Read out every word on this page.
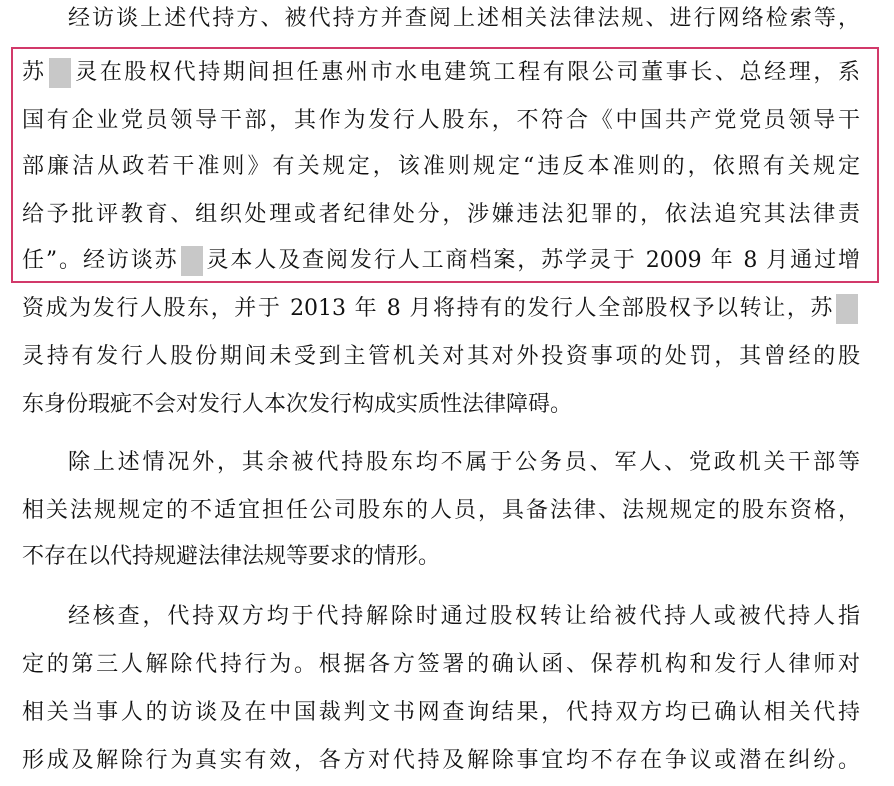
经访谈上述代持方、被代持方并查阅上述相关法律法规、进行网络检索等，
苏 灵在股权代持期间担任惠州市水电建筑工程有限公司董事长、总经理，系
国有企业党员领导干部，其作为发行人股东，不符合《中国共产党党员领导干
部廉洁从政若干准则》有关规定，该准则规定“违反本准则的，依照有关规定
给予批评教育、组织处理或者纪律处分，涉嫌违法犯罪的，依法追究其法律责
任”。经访谈苏 灵本人及查阅发行人工商档案，苏学灵于 2009 年 8 月通过增
资成为发行人股东，并于 2013 年 8 月将持有的发行人全部股权予以转让，苏
灵持有发行人股份期间未受到主管机关对其对外投资事项的处罚，其曾经的股
东身份瑕疵不会对发行人本次发行构成实质性法律障碍。
除上述情况外，其余被代持股东均不属于公务员、军人、党政机关干部等
相关法规规定的不适宜担任公司股东的人员，具备法律、法规规定的股东资格，
不存在以代持规避法律法规等要求的情形。
经核查，代持双方均于代持解除时通过股权转让给被代持人或被代持人指
定的第三人解除代持行为。根据各方签署的确认函、保荐机构和发行人律师对
相关当事人的访谈及在中国裁判文书网查询结果，代持双方均已确认相关代持
形成及解除行为真实有效，各方对代持及解除事宜均不存在争议或潜在纠纷。
